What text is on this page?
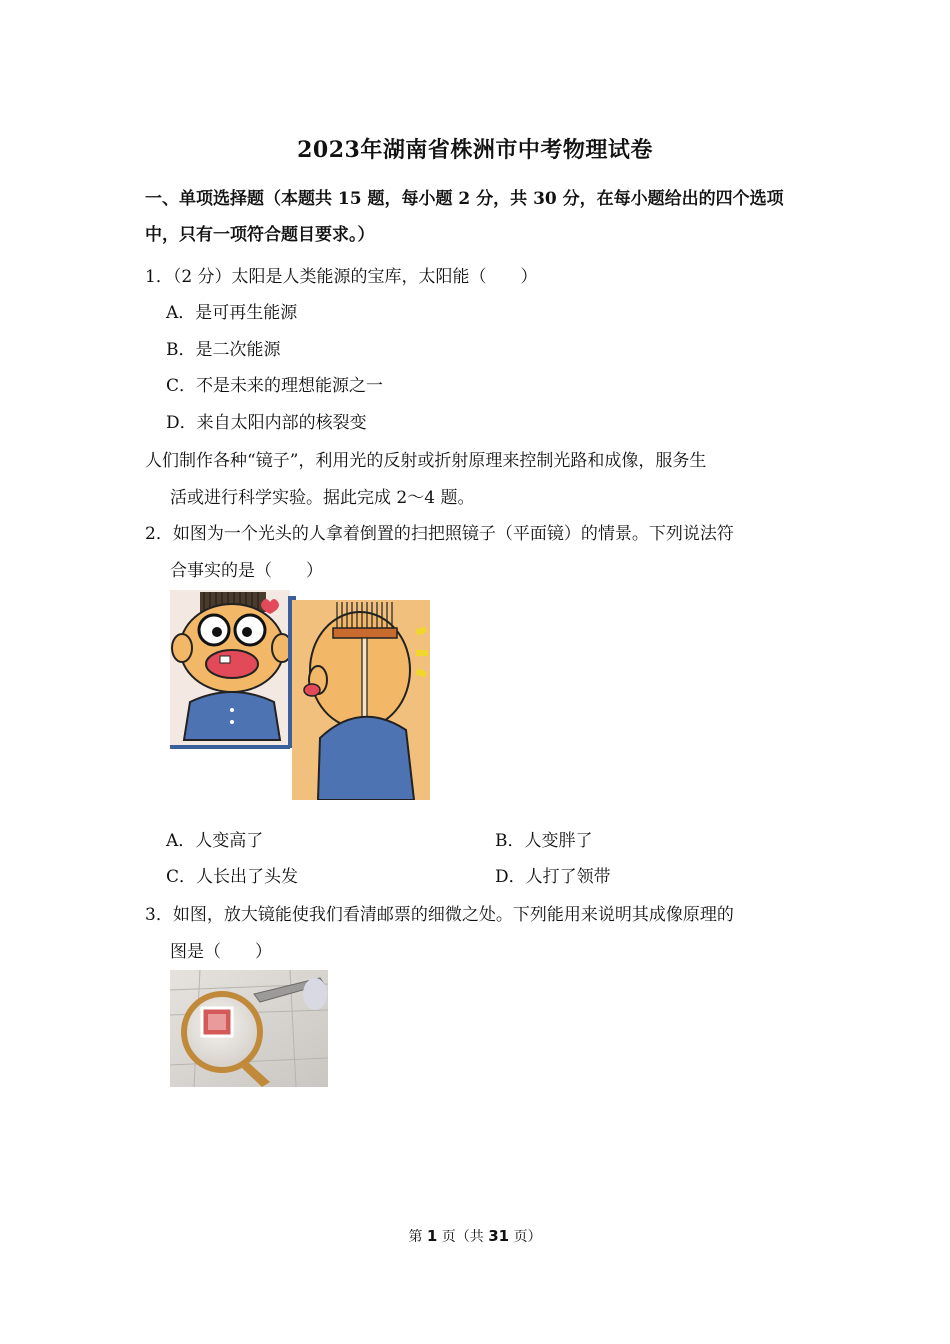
2023年湖南省株洲市中考物理试卷
一、单项选择题（本题共 15 题，每小题 2 分，共 30 分，在每小题给出的四个选项中，只有一项符合题目要求。）
1．（2 分）太阳是人类能源的宝库，太阳能（　　）
A．是可再生能源
B．是二次能源
C．不是未来的理想能源之一
D．来自太阳内部的核裂变
人们制作各种“镜子”，利用光的反射或折射原理来控制光路和成像，服务生
活或进行科学实验。据此完成 2～4 题。
2．如图为一个光头的人拿着倒置的扫把照镜子（平面镜）的情景。下列说法符
合事实的是（　　）
A．人变高了	B．人变胖了
C．人长出了头发	D．人打了领带
3．如图，放大镜能使我们看清邮票的细微之处。下列能用来说明其成像原理的
图是（　　）
第 1 页（共 31 页）
